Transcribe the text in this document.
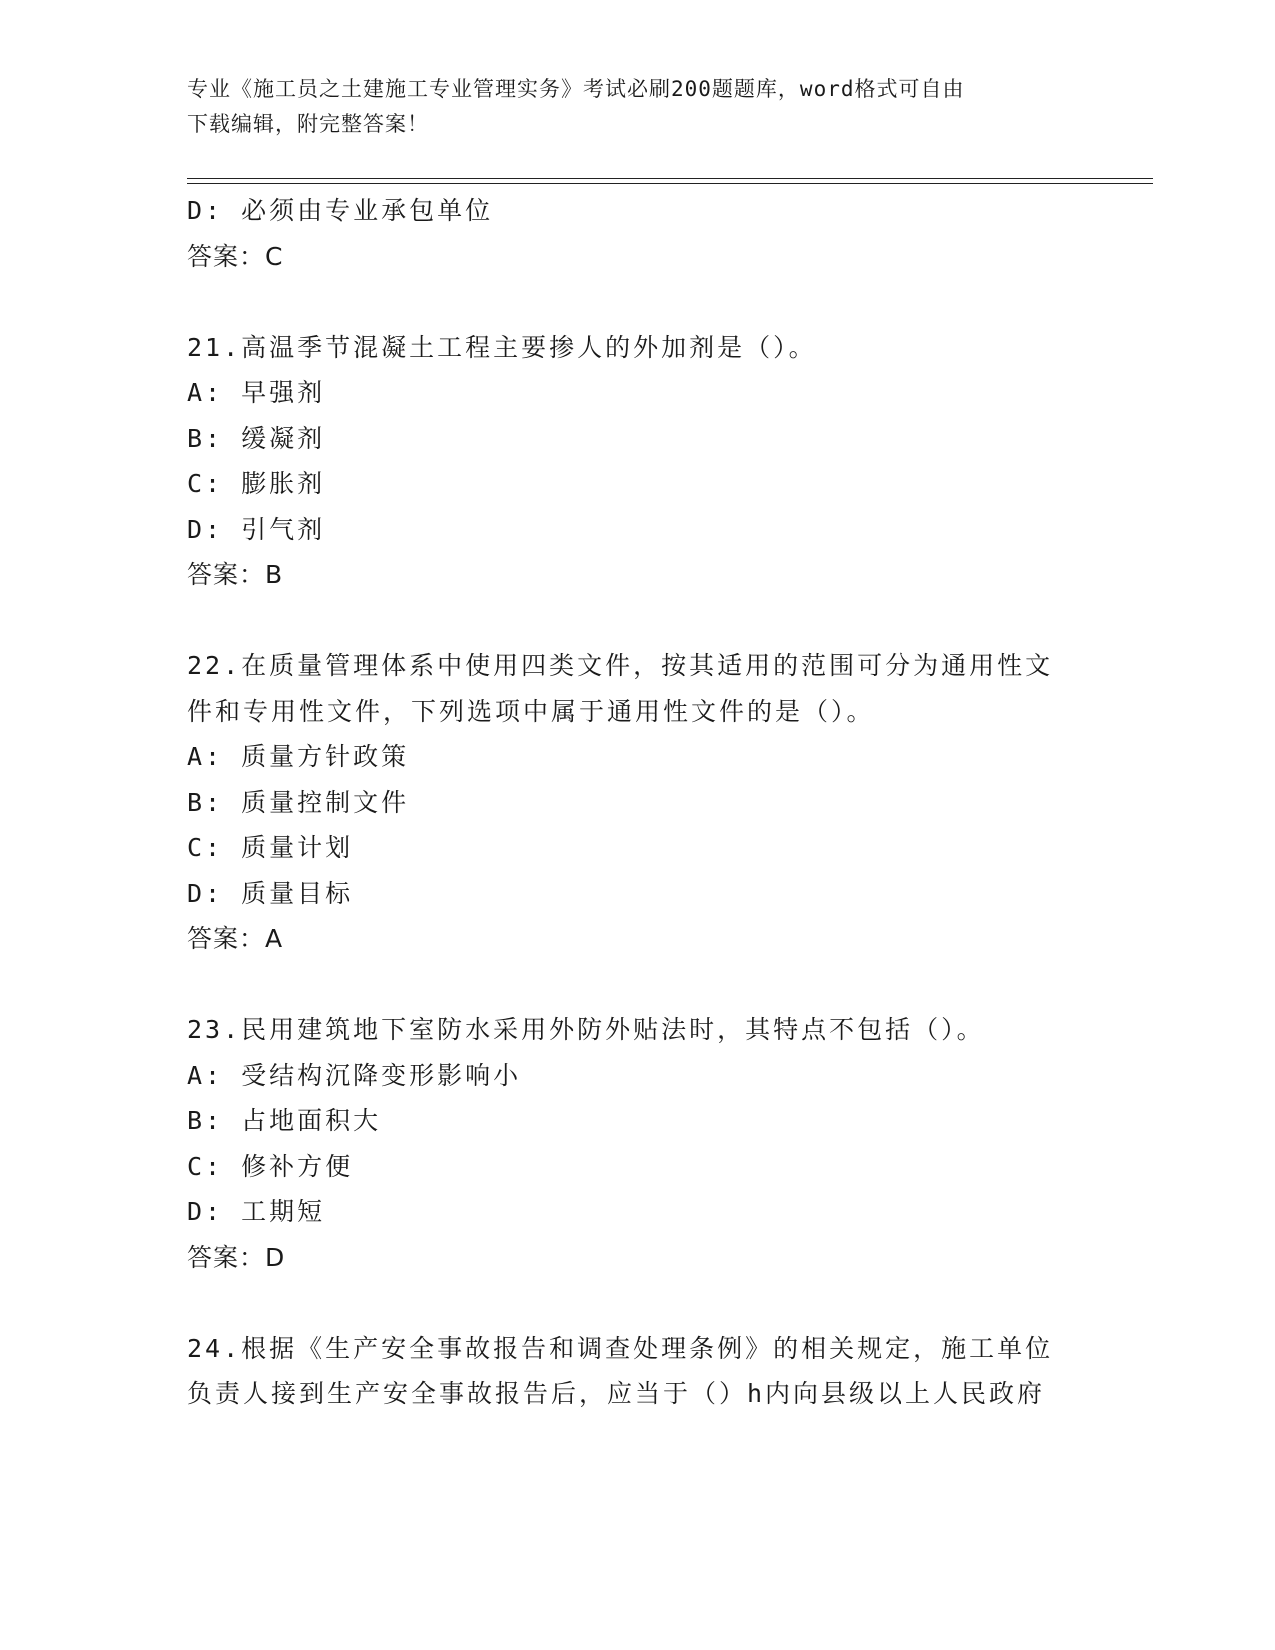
专业《施工员之土建施工专业管理实务》考试必刷200题题库，word格式可自由
下载编辑，附完整答案！
D: 必须由专业承包单位
答案：C
21.高温季节混凝土工程主要掺人的外加剂是（）。
A: 早强剂
B: 缓凝剂
C: 膨胀剂
D: 引气剂
答案：B
22.在质量管理体系中使用四类文件，按其适用的范围可分为通用性文
件和专用性文件，下列选项中属于通用性文件的是（）。
A: 质量方针政策
B: 质量控制文件
C: 质量计划
D: 质量目标
答案：A
23.民用建筑地下室防水采用外防外贴法时，其特点不包括（）。
A: 受结构沉降变形影响小
B: 占地面积大
C: 修补方便
D: 工期短
答案：D
24.根据《生产安全事故报告和调查处理条例》的相关规定，施工单位
负责人接到生产安全事故报告后，应当于（）h内向县级以上人民政府
